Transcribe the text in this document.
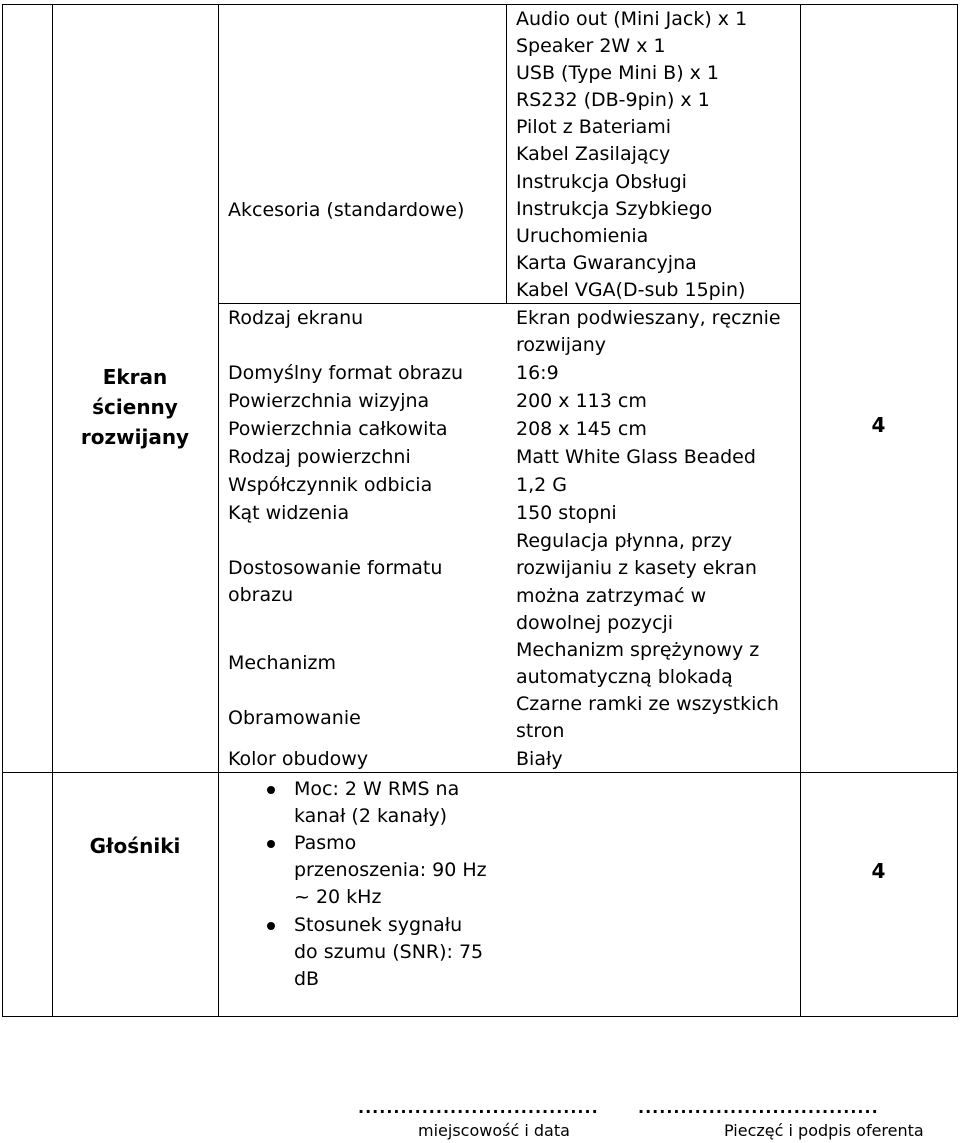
Akcesoria (standardowe)
Audio out (Mini Jack) x 1
Speaker 2W x 1
USB (Type Mini B) x 1
RS232 (DB-9pin) x 1
Pilot z Bateriami
Kabel Zasilający
Instrukcja Obsługi
Instrukcja Szybkiego
Uruchomienia
Karta Gwarancyjna
Kabel VGA(D-sub 15pin)
Ekran
ścienny
rozwijany	4
Rodzaj ekranu
Domyślny format obrazu
Powierzchnia wizyjna
Powierzchnia całkowita
Rodzaj powierzchni
Współczynnik odbicia
Kąt widzenia
Dostosowanie formatu
obrazu
Mechanizm
Obramowanie
Kolor obudowy
Ekran podwieszany, ręcznie
rozwijany
16:9
200 x 113 cm
208 x 145 cm
Matt White Glass Beaded
1,2 G
150 stopni
Regulacja płynna, przy
rozwijaniu z kasety ekran
można zatrzymać w
dowolnej pozycji
Mechanizm sprężynowy z
automatyczną blokadą
Czarne ramki ze wszystkich
stron
Biały
Głośniki
4
Moc: 2 W RMS na
kanał (2 kanały)
Pasmo
przenoszenia: 90 Hz
~ 20 kHz
Stosunek sygnału
do szumu (SNR): 75
dB
.................................. ..................................
miejscowość i data	Pieczęć i podpis oferenta
